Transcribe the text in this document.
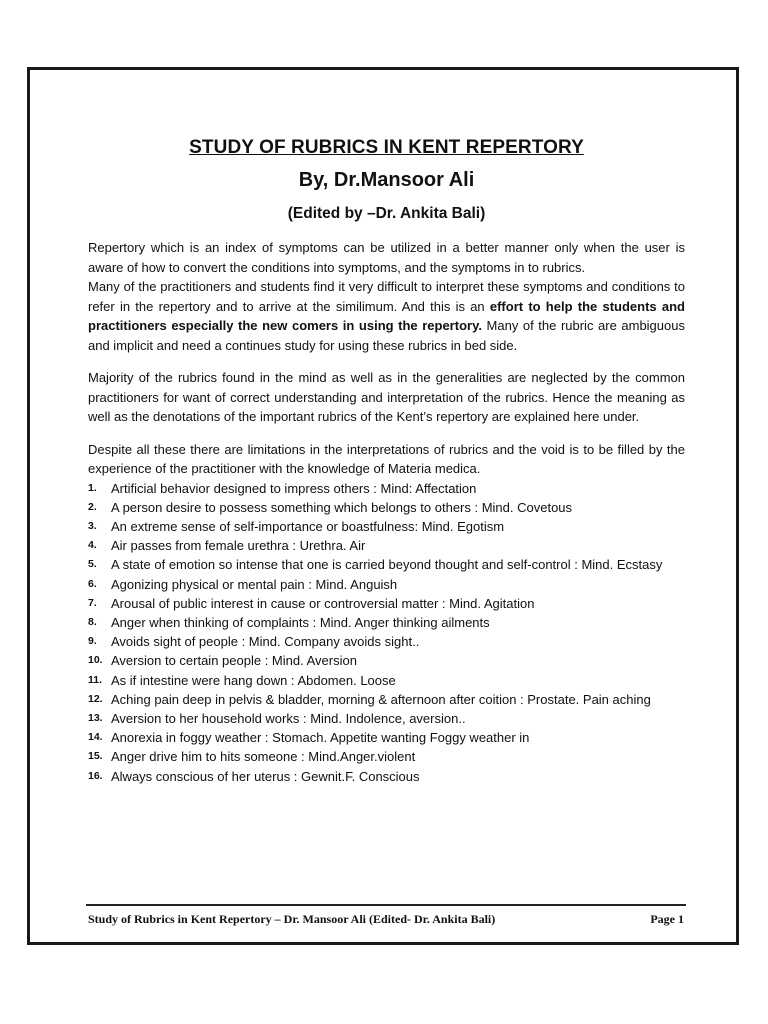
STUDY OF RUBRICS IN KENT REPERTORY
By, Dr.Mansoor Ali
(Edited by –Dr. Ankita Bali)

Repertory which is an index of symptoms can be utilized in a better manner only when the user is aware of how to convert the conditions into symptoms, and the symptoms in to rubrics.

Many of the practitioners and students find it very difficult to interpret these symptoms and conditions to refer in the repertory and to arrive at the similimum. And this is an effort to help the students and practitioners especially the new comers in using the repertory. Many of the rubric are ambiguous and implicit and need a continues study for using these rubrics in bed side.

Majority of the rubrics found in the mind as well as in the generalities are neglected by the common practitioners for want of correct understanding and interpretation of the rubrics. Hence the meaning as well as the denotations of the important rubrics of the Kent’s repertory are explained here under.

Despite all these there are limitations in the interpretations of rubrics and the void is to be filled by the experience of the practitioner with the knowledge of Materia medica.

1. Artificial behavior designed to impress others : Mind: Affectation
2. A person desire to possess something which belongs to others : Mind. Covetous
3. An extreme sense of self-importance or boastfulness: Mind. Egotism
4. Air passes from female urethra : Urethra. Air
5. A state of emotion so intense that one is carried beyond thought and self-control : Mind. Ecstasy
6. Agonizing physical or mental pain : Mind. Anguish
7. Arousal of public interest in cause or controversial matter : Mind. Agitation
8. Anger when thinking of complaints : Mind. Anger thinking ailments
9. Avoids sight of people : Mind. Company avoids sight..
10. Aversion to certain people : Mind. Aversion
11. As if intestine were hang down : Abdomen. Loose
12. Aching pain deep in pelvis & bladder, morning & afternoon after coition : Prostate. Pain aching
13. Aversion to her household works : Mind. Indolence, aversion..
14. Anorexia in foggy weather : Stomach. Appetite wanting Foggy weather in
15. Anger drive him to hits someone : Mind.Anger.violent
16. Always conscious of her uterus : Gewnit.F. Conscious
Study of Rubrics in Kent Repertory – Dr. Mansoor Ali (Edited- Dr. Ankita Bali)	Page 1
